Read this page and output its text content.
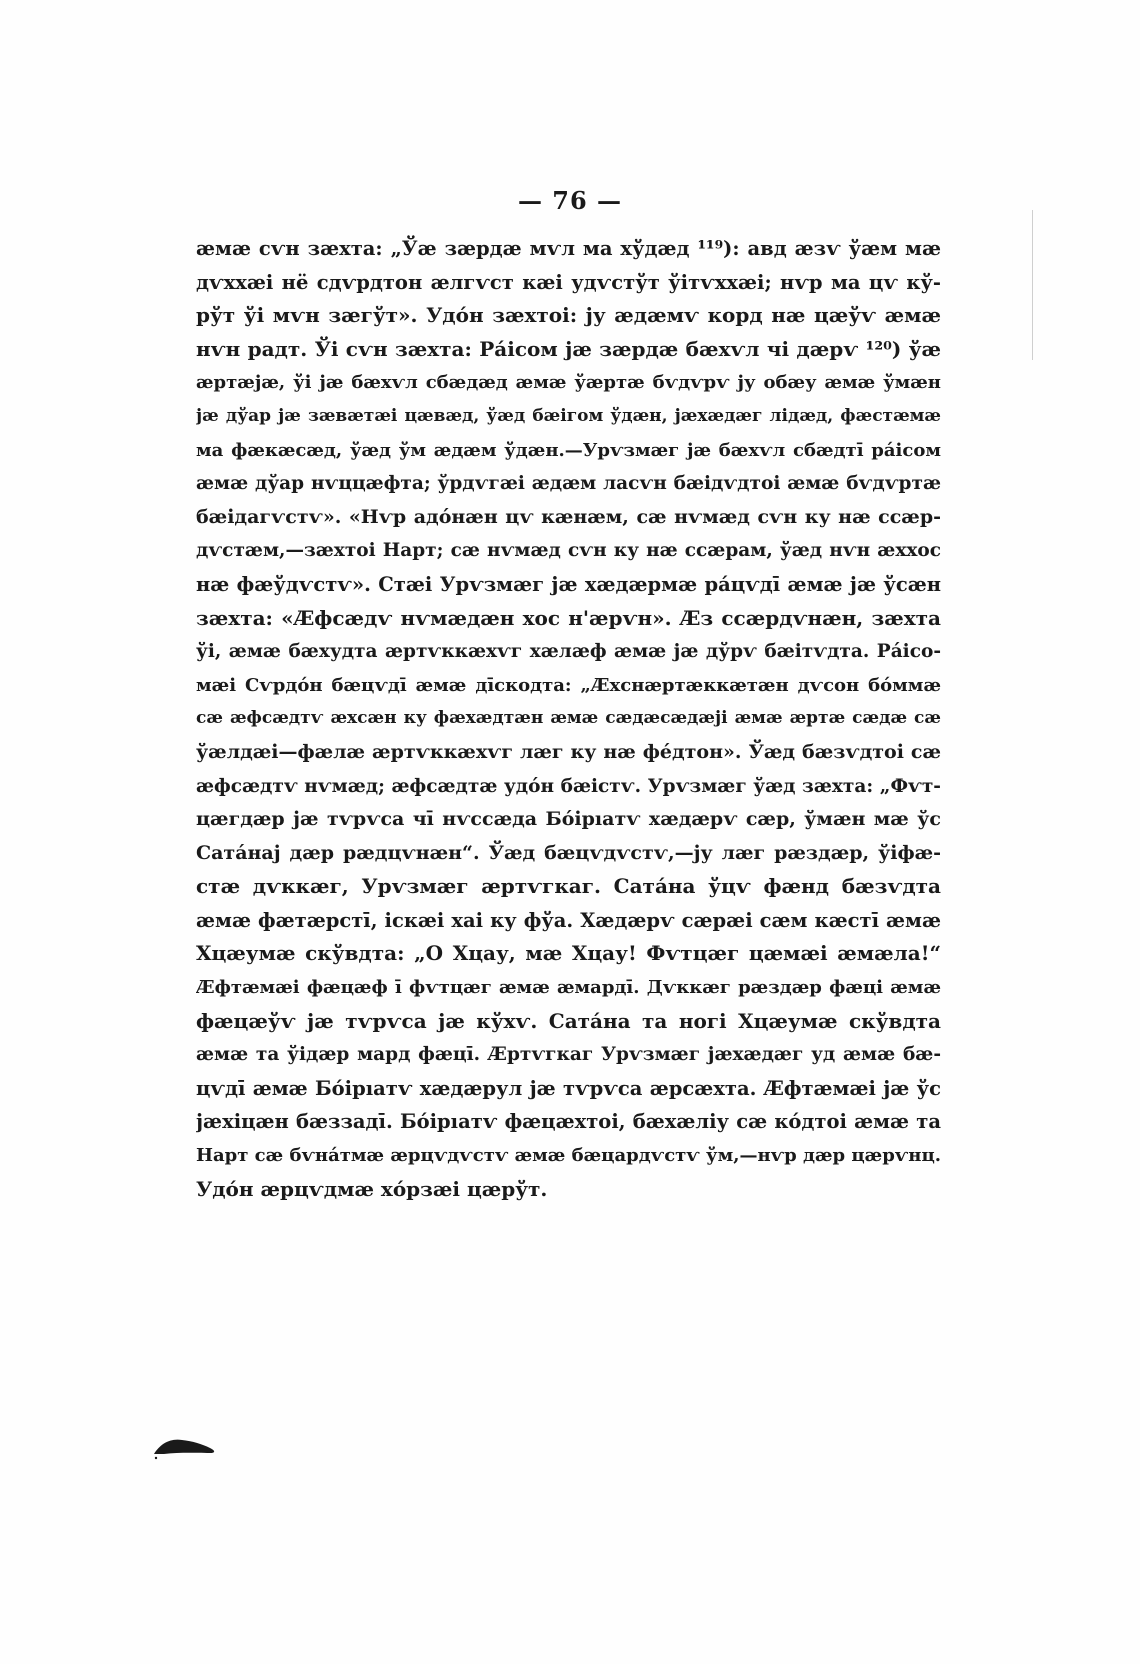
— 76 —
ӕмӕ сѵн зӕхта: „Ўӕ зӕрдӕ мѵл ма хўдӕд ¹¹⁹): авд ӕзѵ ўӕм мӕ
дѵххӕі нё сдѵрдтон ӕлгѵст кӕі удѵстўт ўітѵххӕі; нѵр ма цѵ кў-
рўт ўі мѵн зӕгўт». Удо́н зӕхтоі: jу ӕдӕмѵ корд нӕ цӕўѵ ӕмӕ
нѵн радт. Ўі сѵн зӕхта: Ра́ісом jӕ зӕрдӕ бӕхѵл чі дӕрѵ ¹²⁰) ўӕ
ӕртӕjӕ, ўі jӕ бӕхѵл сбӕдӕд ӕмӕ ўӕртӕ бѵдѵрѵ jу обӕу ӕмӕ ўмӕн
jӕ дўар jӕ зӕвӕтӕі цӕвӕд, ўӕд бӕігом ўдӕн, jӕхӕдӕг лідӕд, фӕстӕмӕ
ма фӕкӕсӕд, ўӕд ўм ӕдӕм ўдӕн.—Урѵзмӕг jӕ бӕхѵл сбӕдтī ра́ісом
ӕмӕ дўар нѵццӕфта; ўрдѵгӕі ӕдӕм ласѵн бӕідѵдтоі ӕмӕ бѵдѵртӕ
бӕідагѵстѵ». «Нѵр адо́нӕн цѵ кӕнӕм, сӕ нѵмӕд сѵн ку нӕ ссӕр-
дѵстӕм,—зӕхтоі Нарт; сӕ нѵмӕд сѵн ку нӕ ссӕрам, ўӕд нѵн ӕххос
нӕ фӕўдѵстѵ». Стӕі Урѵзмӕг jӕ хӕдӕрмӕ ра́цѵдī ӕмӕ jӕ ўсӕн
зӕхта: «Ӕфсӕдѵ нѵмӕдӕн хос н'ӕрѵн». Ӕз ссӕрдѵнӕн, зӕхта
ўі, ӕмӕ бӕхудта ӕртѵккӕхѵг хӕлӕф ӕмӕ jӕ дўрѵ бӕітѵдта. Ра́ісо-
мӕі Сѵрдо́н бӕцѵдī ӕмӕ дīскодта: „Ӕхснӕртӕккӕтӕн дѵсон бо́ммӕ
сӕ ӕфсӕдтѵ ӕхсӕн ку фӕхӕдтӕн ӕмӕ сӕдӕсӕдӕjі ӕмӕ ӕртӕ сӕдӕ сӕ
ўӕлдӕі—фӕлӕ ӕртѵккӕхѵг лӕг ку нӕ фе́дтон». Ўӕд бӕзѵдтоі сӕ
ӕфсӕдтѵ нѵмӕд; ӕфсӕдтӕ удо́н бӕістѵ. Урѵзмӕг ўӕд зӕхта: „Фѵт-
цӕгдӕр jӕ тѵрѵса чī нѵссӕда Бо́ірıатѵ хӕдӕрѵ сӕр, ўмӕн мӕ ўс
Сата́наj дӕр рӕдцѵнӕн“. Ўӕд бӕцѵдѵстѵ,—jу лӕг рӕздӕр, ўіфӕ-
стӕ дѵккӕг, Урѵзмӕг ӕртѵгкаг. Сата́на ўцѵ фӕнд бӕзѵдта
ӕмӕ фӕтӕрстī, іскӕі хаі ку фўа. Хӕдӕрѵ сӕрӕі сӕм кӕстī ӕмӕ
Хцӕумӕ скўвдта: „О Хцау, мӕ Хцау! Фѵтцӕг цӕмӕі ӕмӕла!“
Ӕфтӕмӕі фӕцӕф ī фѵтцӕг ӕмӕ ӕмардī. Дѵккӕг рӕздӕр фӕці ӕмӕ
фӕцӕўѵ jӕ тѵрѵса jӕ кўхѵ. Сата́на та ногі Хцӕумӕ скўвдта
ӕмӕ та ўідӕр мард фӕцī. Ӕртѵгкаг Урѵзмӕг jӕхӕдӕг уд ӕмӕ бӕ-
цѵдī ӕмӕ Бо́ірıатѵ хӕдӕрул jӕ тѵрѵса ӕрсӕхта. Ӕфтӕмӕі jӕ ўс
jӕхіцӕн бӕззадī. Бо́ірıатѵ фӕцӕхтоі, бӕхӕліу сӕ ко́дтоі ӕмӕ та
Нарт сӕ бѵна́тмӕ ӕрцѵдѵстѵ ӕмӕ бӕцардѵстѵ ўм,—нѵр дӕр цӕрѵнц.
Удо́н ӕрцѵдмӕ хо́рзӕі цӕрўт.
